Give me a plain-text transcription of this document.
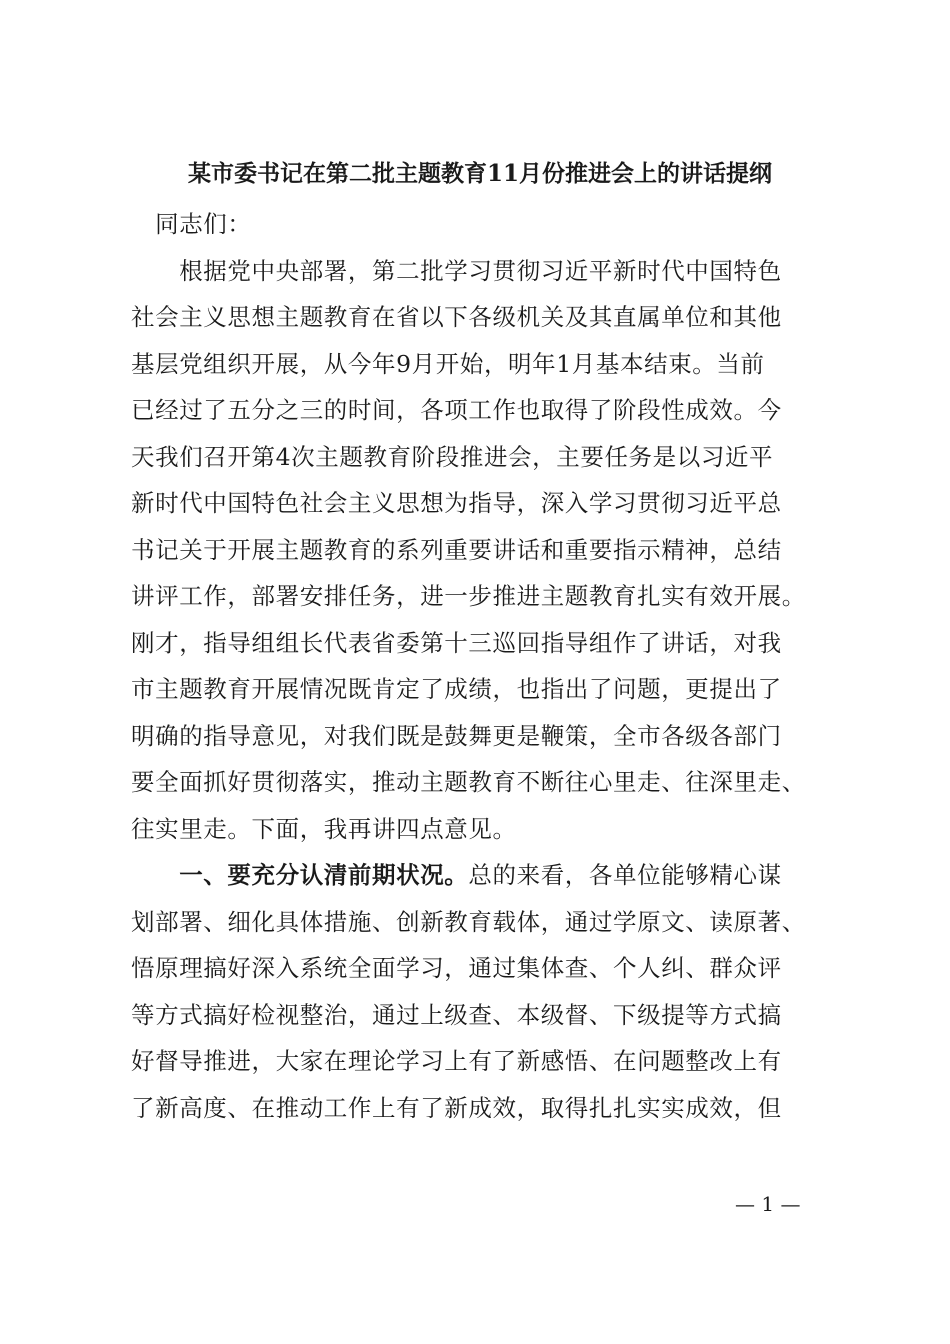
某市委书记在第二批主题教育11月份推进会上的讲话提纲
　同志们：
　　根据党中央部署，第二批学习贯彻习近平新时代中国特色
社会主义思想主题教育在省以下各级机关及其直属单位和其他
基层党组织开展，从今年9月开始，明年1月基本结束。当前
已经过了五分之三的时间，各项工作也取得了阶段性成效。今
天我们召开第4次主题教育阶段推进会，主要任务是以习近平
新时代中国特色社会主义思想为指导，深入学习贯彻习近平总
书记关于开展主题教育的系列重要讲话和重要指示精神，总结
讲评工作，部署安排任务，进一步推进主题教育扎实有效开展。
刚才，指导组组长代表省委第十三巡回指导组作了讲话，对我
市主题教育开展情况既肯定了成绩，也指出了问题，更提出了
明确的指导意见，对我们既是鼓舞更是鞭策，全市各级各部门
要全面抓好贯彻落实，推动主题教育不断往心里走、往深里走、
往实里走。下面，我再讲四点意见。
　　一、要充分认清前期状况。总的来看，各单位能够精心谋
划部署、细化具体措施、创新教育载体，通过学原文、读原著、
悟原理搞好深入系统全面学习，通过集体查、个人纠、群众评
等方式搞好检视整治，通过上级查、本级督、下级提等方式搞
好督导推进，大家在理论学习上有了新感悟、在问题整改上有
了新高度、在推动工作上有了新成效，取得扎扎实实成效，但
— 1 —
